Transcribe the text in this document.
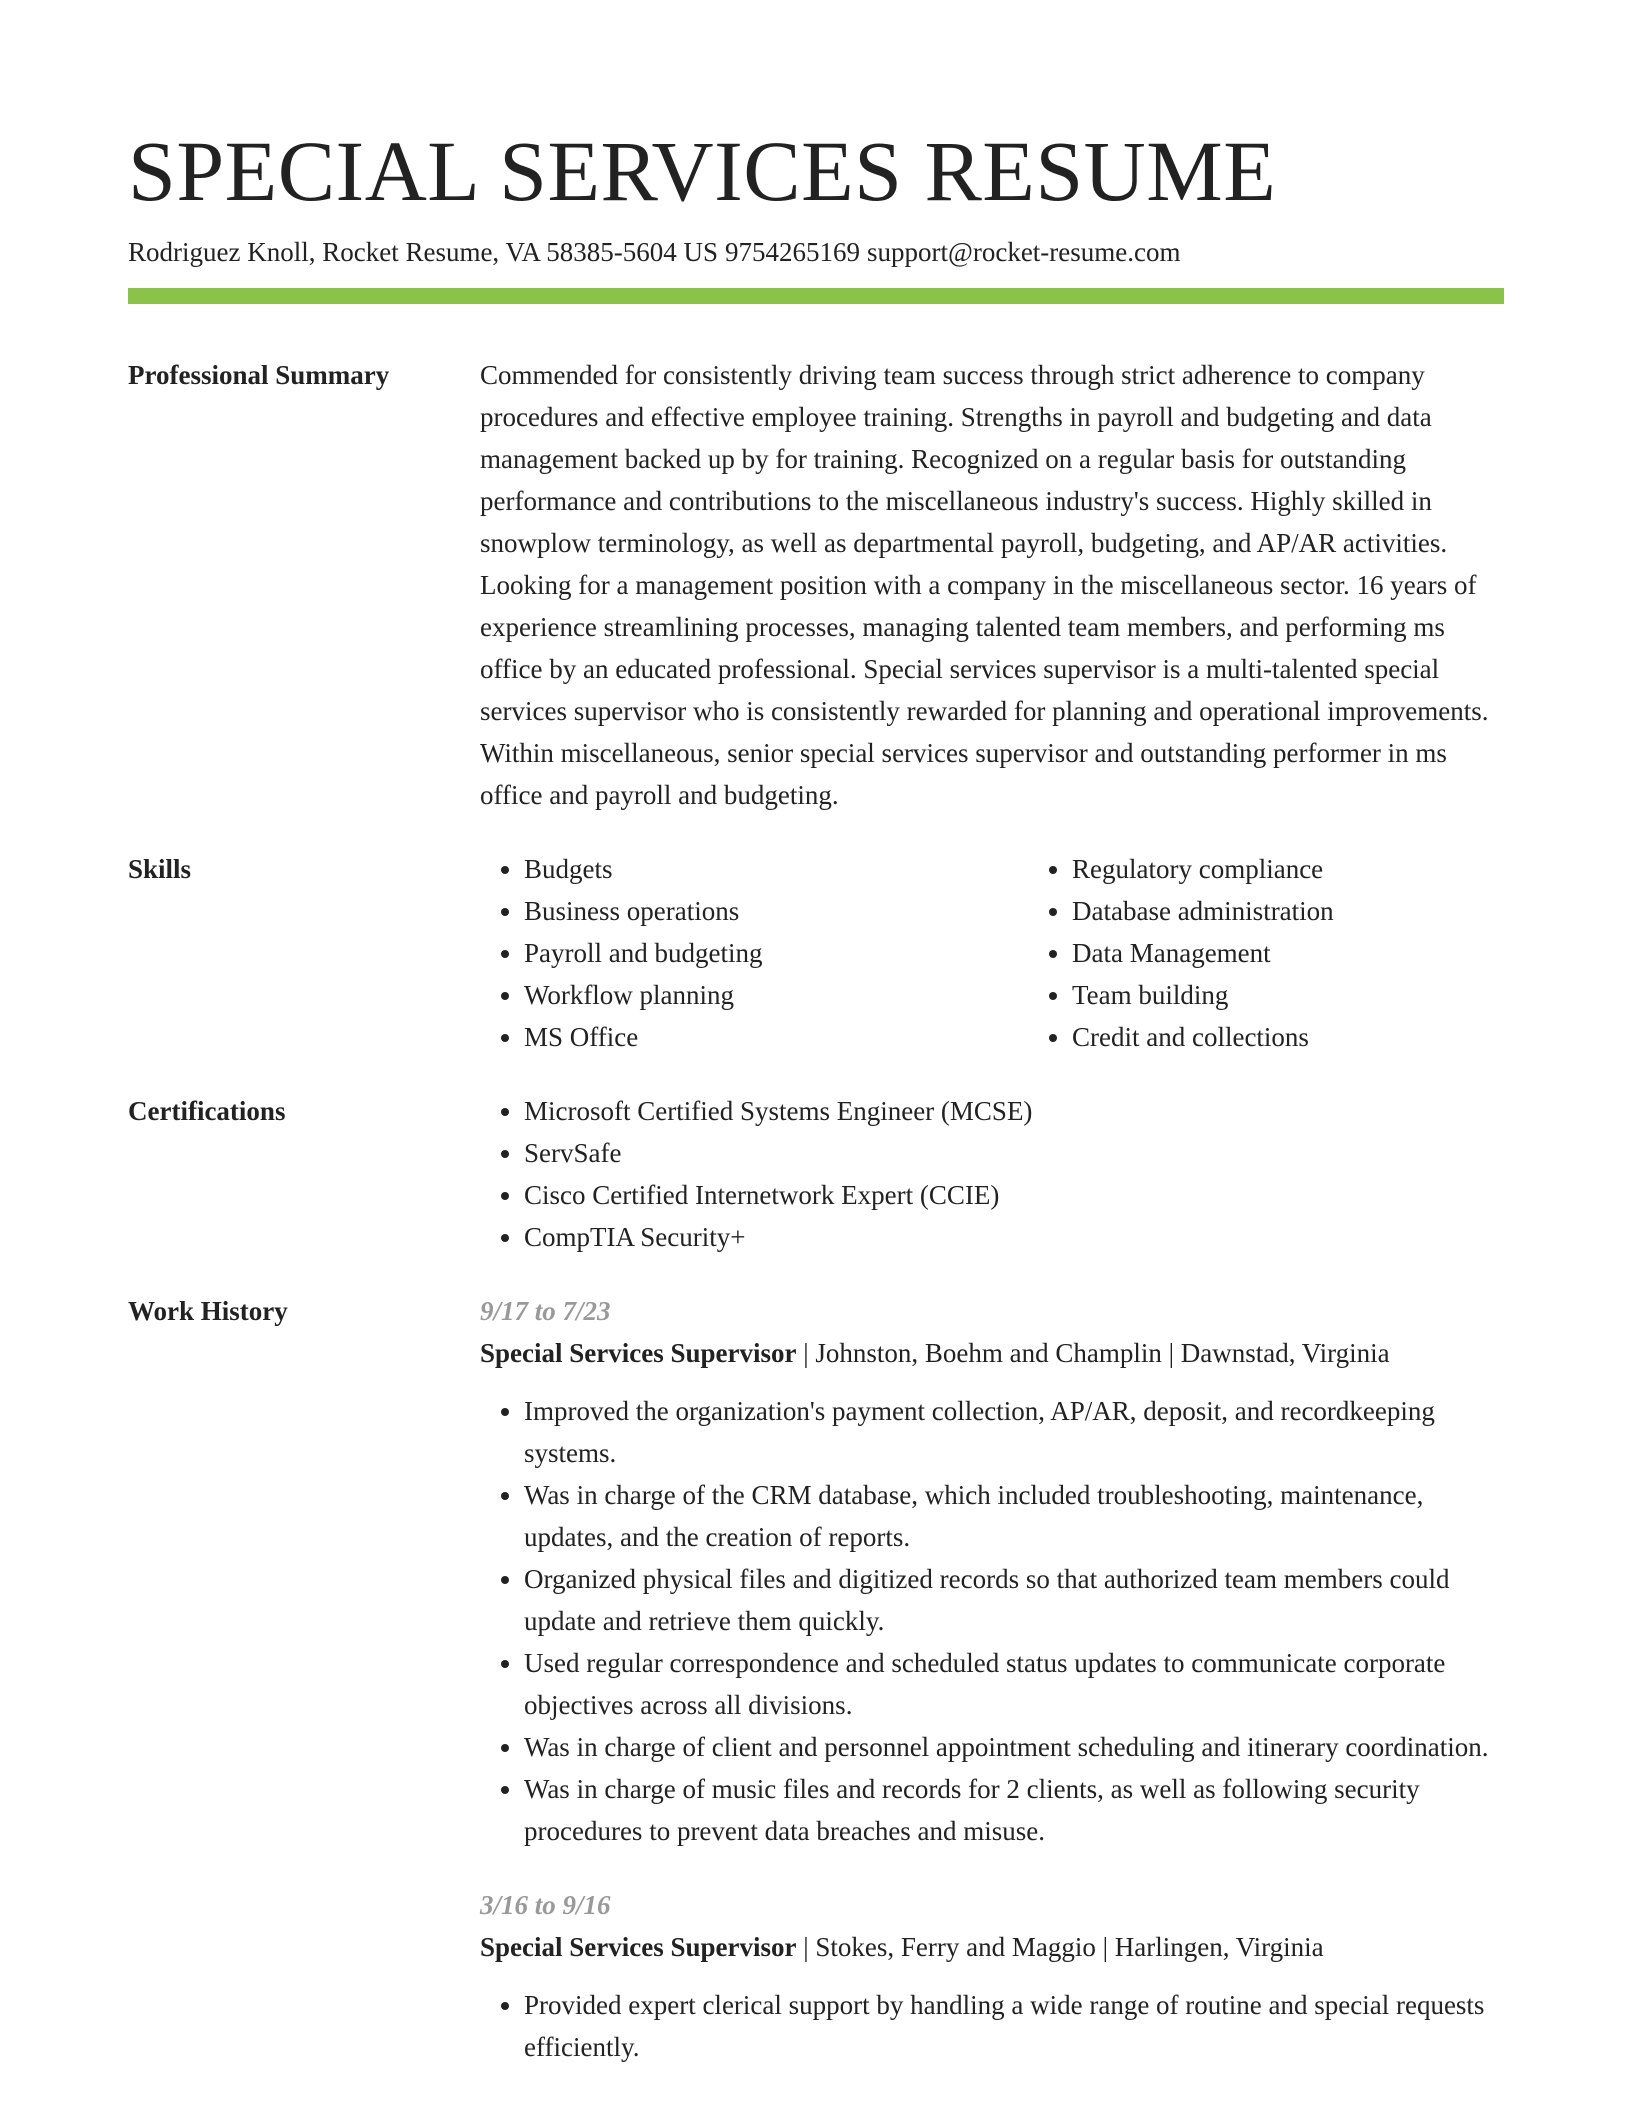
SPECIAL SERVICES RESUME
Rodriguez Knoll, Rocket Resume, VA 58385-5604 US 9754265169 support@rocket-resume.com
Professional Summary	Commended for consistently driving team success through strict adherence to company procedures and effective employee training. Strengths in payroll and budgeting and data management backed up by for training. Recognized on a regular basis for outstanding performance and contributions to the miscellaneous industry's success. Highly skilled in snowplow terminology, as well as departmental payroll, budgeting, and AP/AR activities. Looking for a management position with a company in the miscellaneous sector. 16 years of experience streamlining processes, managing talented team members, and performing ms office by an educated professional. Special services supervisor is a multi-talented special services supervisor who is consistently rewarded for planning and operational improvements. Within miscellaneous, senior special services supervisor and outstanding performer in ms office and payroll and budgeting.

Skills	• Budgets
• Business operations
• Payroll and budgeting
• Workflow planning
• MS Office
• Regulatory compliance
• Database administration
• Data Management
• Team building
• Credit and collections
Certifications	• Microsoft Certified Systems Engineer (MCSE)
• ServSafe
• Cisco Certified Internetwork Expert (CCIE)
• CompTIA Security+
Work History	9/17 to 7/23
Special Services Supervisor | Johnston, Boehm and Champlin | Dawnstad, Virginia
• Improved the organization's payment collection, AP/AR, deposit, and recordkeeping systems.
• Was in charge of the CRM database, which included troubleshooting, maintenance, updates, and the creation of reports.
• Organized physical files and digitized records so that authorized team members could update and retrieve them quickly.
• Used regular correspondence and scheduled status updates to communicate corporate objectives across all divisions.
• Was in charge of client and personnel appointment scheduling and itinerary coordination.
• Was in charge of music files and records for 2 clients, as well as following security procedures to prevent data breaches and misuse.
3/16 to 9/16
Special Services Supervisor | Stokes, Ferry and Maggio | Harlingen, Virginia
• Provided expert clerical support by handling a wide range of routine and special requests efficiently.
